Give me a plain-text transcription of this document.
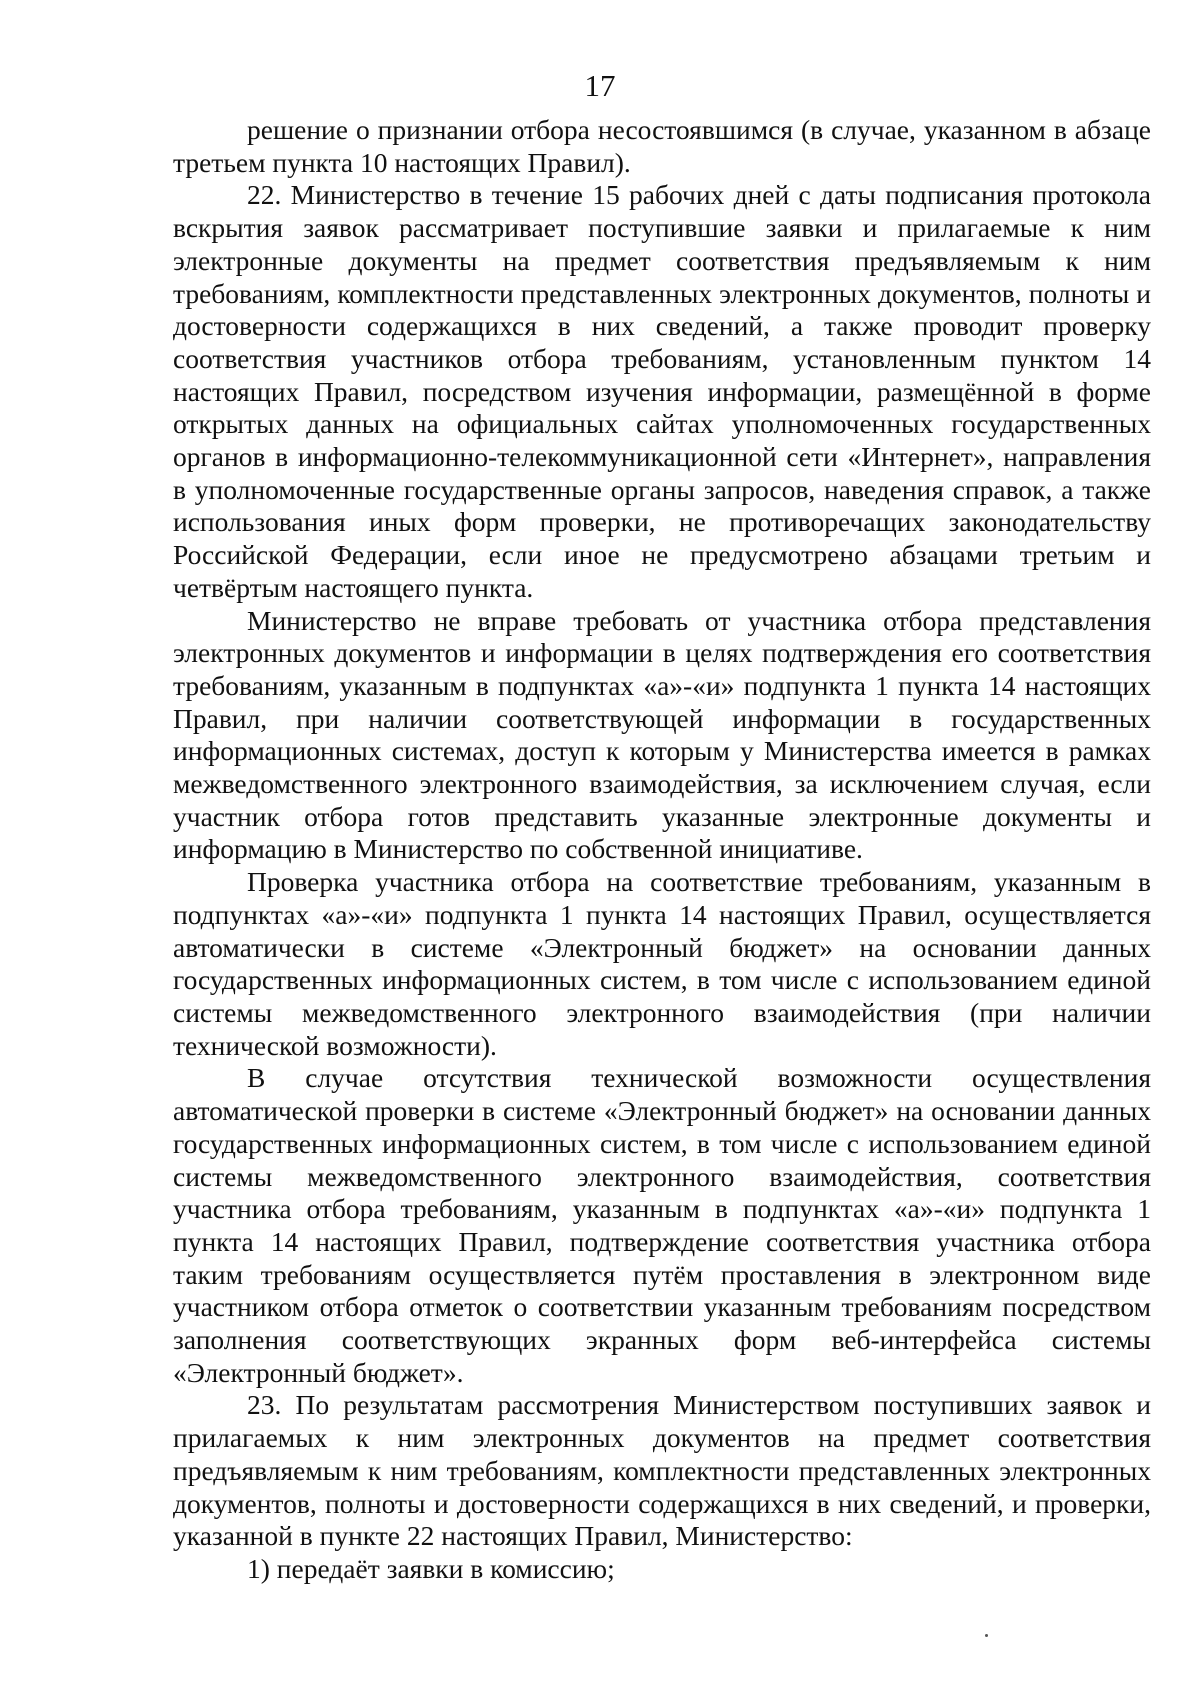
17

решение о признании отбора несостоявшимся (в случае, указанном в абзаце третьем пункта 10 настоящих Правил).

22. Министерство в течение 15 рабочих дней с даты подписания протокола вскрытия заявок рассматривает поступившие заявки и прилагаемые к ним электронные документы на предмет соответствия предъявляемым к ним требованиям, комплектности представленных электронных документов, полноты и достоверности содержащихся в них сведений, а также проводит проверку соответствия участников отбора требованиям, установленным пунктом 14 настоящих Правил, посредством изучения информации, размещённой в форме открытых данных на официальных сайтах уполномоченных государственных органов в информационно-телекоммуникационной сети «Интернет», направления в уполномоченные государственные органы запросов, наведения справок, а также использования иных форм проверки, не противоречащих законодательству Российской Федерации, если иное не предусмотрено абзацами третьим и четвёртым настоящего пункта.

Министерство не вправе требовать от участника отбора представления электронных документов и информации в целях подтверждения его соответствия требованиям, указанным в подпунктах «а»-«и» подпункта 1 пункта 14 настоящих Правил, при наличии соответствующей информации в государственных информационных системах, доступ к которым у Министерства имеется в рамках межведомственного электронного взаимодействия, за исключением случая, если участник отбора готов представить указанные электронные документы и информацию в Министерство по собственной инициативе.

Проверка участника отбора на соответствие требованиям, указанным в подпунктах «а»-«и» подпункта 1 пункта 14 настоящих Правил, осуществляется автоматически в системе «Электронный бюджет» на основании данных государственных информационных систем, в том числе с использованием единой системы межведомственного электронного взаимодействия (при наличии технической возможности).

В случае отсутствия технической возможности осуществления автоматической проверки в системе «Электронный бюджет» на основании данных государственных информационных систем, в том числе с использованием единой системы межведомственного электронного взаимодействия, соответствия участника отбора требованиям, указанным в подпунктах «а»-«и» подпункта 1 пункта 14 настоящих Правил, подтверждение соответствия участника отбора таким требованиям осуществляется путём проставления в электронном виде участником отбора отметок о соответствии указанным требованиям посредством заполнения соответствующих экранных форм веб-интерфейса системы «Электронный бюджет».

23. По результатам рассмотрения Министерством поступивших заявок и прилагаемых к ним электронных документов на предмет соответствия предъявляемым к ним требованиям, комплектности представленных электронных документов, полноты и достоверности содержащихся в них сведений, и проверки, указанной в пункте 22 настоящих Правил, Министерство:

1) передаёт заявки в комиссию;
